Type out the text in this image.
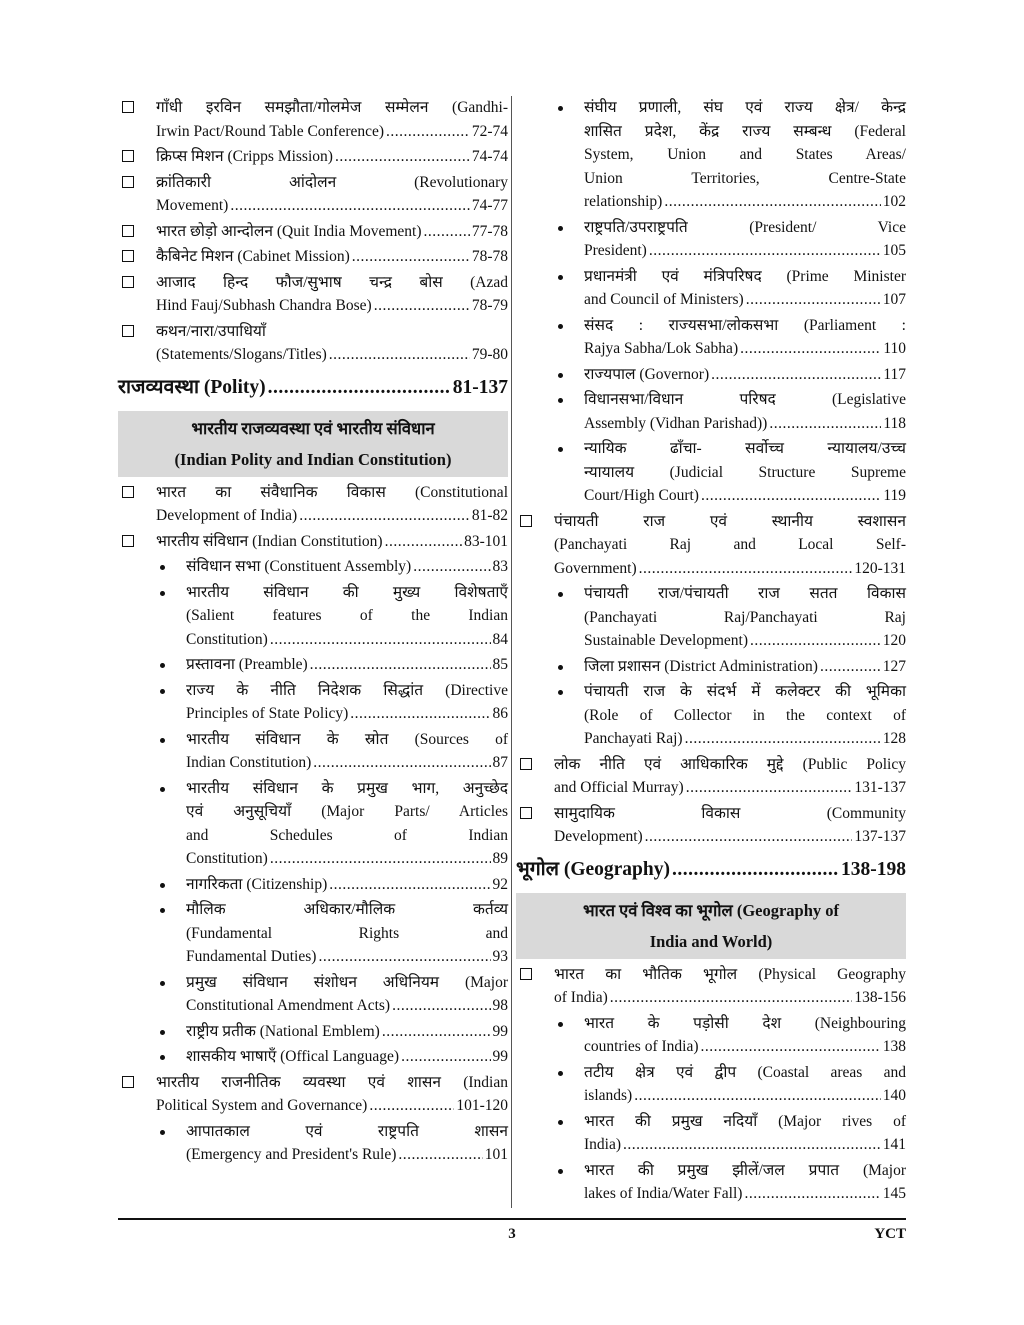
गाँधी इरविन समझौता/गोलमेज सम्मेलन (Gandhi-
Irwin Pact/Round Table Conference) .....	72-74
क्रिप्स मिशन (Cripps Mission) .....	74-74
क्रांतिकारी आंदोलन (Revolutionary
Movement) .....	74-77
भारत छोड़ो आन्दोलन (Quit India Movement) .....	77-78
कैबिनेट मिशन (Cabinet Mission) .....	78-78
आजाद हिन्द फौज/सुभाष चन्द्र बोस (Azad
Hind Fauj/Subhash Chandra Bose) .....	78-79
कथन/नारा/उपाधियाँ
(Statements/Slogans/Titles) .....	79-80
राजव्यवस्था (Polity) .....	81-137
भारतीय राजव्यवस्था एवं भारतीय संविधान
(Indian Polity and Indian Constitution)
भारत का संवैधानिक विकास (Constitutional
Development of India) .....	81-82
भारतीय संविधान (Indian Constitution) .....	83-101
संविधान सभा (Constituent Assembly) .....	83
भारतीय संविधान की मुख्य विशेषताएँ
(Salient features of the Indian
Constitution) .....	84
प्रस्तावना (Preamble) .....	85
राज्य के नीति निदेशक सिद्धांत (Directive
Principles of State Policy) .....	86
भारतीय संविधान के स्रोत (Sources of
Indian Constitution) .....	87
भारतीय संविधान के प्रमुख भाग, अनुच्छेद
एवं अनुसूचियाँ (Major Parts/ Articles
and Schedules of Indian
Constitution) .....	89
नागरिकता (Citizenship) .....	92
मौलिक अधिकार/मौलिक कर्तव्य
(Fundamental Rights and
Fundamental Duties) .....	93
प्रमुख संविधान संशोधन अधिनियम (Major
Constitutional Amendment Acts) .....	98
राष्ट्रीय प्रतीक (National Emblem) .....	99
शासकीय भाषाएँ (Offical Language) .....	99
भारतीय राजनीतिक व्यवस्था एवं शासन (Indian
Political System and Governance) .....	101-120
आपातकाल एवं राष्ट्रपति शासन
(Emergency and President's Rule) .....	101
संघीय प्रणाली, संघ एवं राज्य क्षेत्र/ केन्द्र
शासित प्रदेश, केंद्र राज्य सम्बन्ध (Federal
System, Union and States Areas/
Union Territories, Centre-State
relationship) .....	102
राष्ट्रपति/उपराष्ट्रपति (President/ Vice
President) .....	105
प्रधानमंत्री एवं मंत्रिपरिषद (Prime Minister
and Council of Ministers) .....	107
संसद : राज्यसभा/लोकसभा (Parliament :
Rajya Sabha/Lok Sabha) .....	110
राज्यपाल (Governor) .....	117
विधानसभा/विधान परिषद (Legislative
Assembly (Vidhan Parishad)) .....	118
न्यायिक ढाँचा- सर्वोच्च न्यायालय/उच्च
न्यायालय (Judicial Structure Supreme
Court/High Court) .....	119
पंचायती राज एवं स्थानीय स्वशासन
(Panchayati Raj and Local Self-
Government) .....	120-131
पंचायती राज/पंचायती राज सतत विकास
(Panchayati Raj/Panchayati Raj
Sustainable Development) .....	120
जिला प्रशासन (District Administration) .....	127
पंचायती राज के संदर्भ में कलेक्टर की भूमिका
(Role of Collector in the context of
Panchayati Raj) .....	128
लोक नीति एवं आधिकारिक मुद्दे (Public Policy
and Official Murray) .....	131-137
सामुदायिक विकास (Community
Development) .....	137-137
भूगोल (Geography) .....	138-198
भारत एवं विश्व का भूगोल (Geography of
India and World)
भारत का भौतिक भूगोल (Physical Geography
of India) .....	138-156
भारत के पड़ोसी देश (Neighbouring
countries of India) .....	138
तटीय क्षेत्र एवं द्वीप (Coastal areas and
islands) .....	140
भारत की प्रमुख नदियाँ (Major rives of
India) .....	141
भारत की प्रमुख झीलें/जल प्रपात (Major
lakes of India/Water Fall) .....	145
3	YCT
